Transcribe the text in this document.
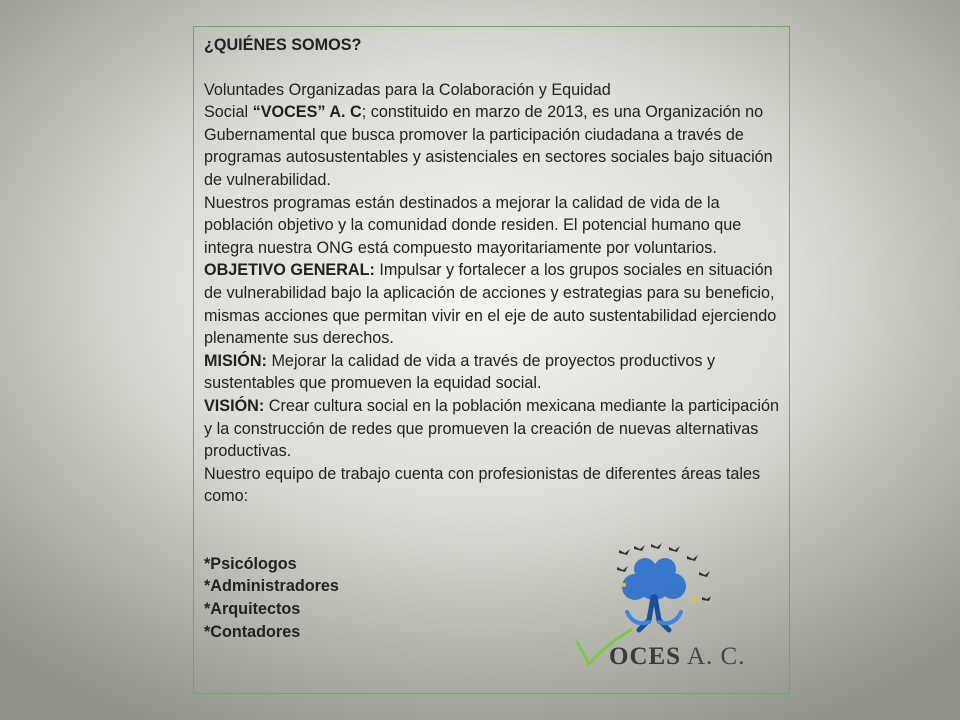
¿QUIÉNES SOMOS?

Voluntades Organizadas para la Colaboración y Equidad
Social “VOCES” A. C; constituido en marzo de 2013, es una Organización no Gubernamental que busca promover la participación ciudadana a través de programas autosustentables y asistenciales en sectores sociales bajo situación de vulnerabilidad.

Nuestros programas están destinados a mejorar la calidad de vida de la población objetivo y la comunidad donde residen. El potencial humano que integra nuestra ONG está compuesto mayoritariamente por voluntarios.

OBJETIVO GENERAL: Impulsar y fortalecer a los grupos sociales en situación de vulnerabilidad bajo la aplicación de acciones y estrategias para su beneficio, mismas acciones que permitan vivir en el eje de auto sustentabilidad ejerciendo plenamente sus derechos.

MISIÓN: Mejorar la calidad de vida a través de proyectos productivos y sustentables que promueven la equidad social.

VISIÓN: Crear cultura social en la población mexicana mediante la participación y la construcción de redes que promueven la creación de nuevas alternativas productivas.

Nuestro equipo de trabajo cuenta con profesionistas de diferentes áreas tales como:

*Psicólogos

*Administradores

*Arquitectos

*Contadores

OCES A. C.
